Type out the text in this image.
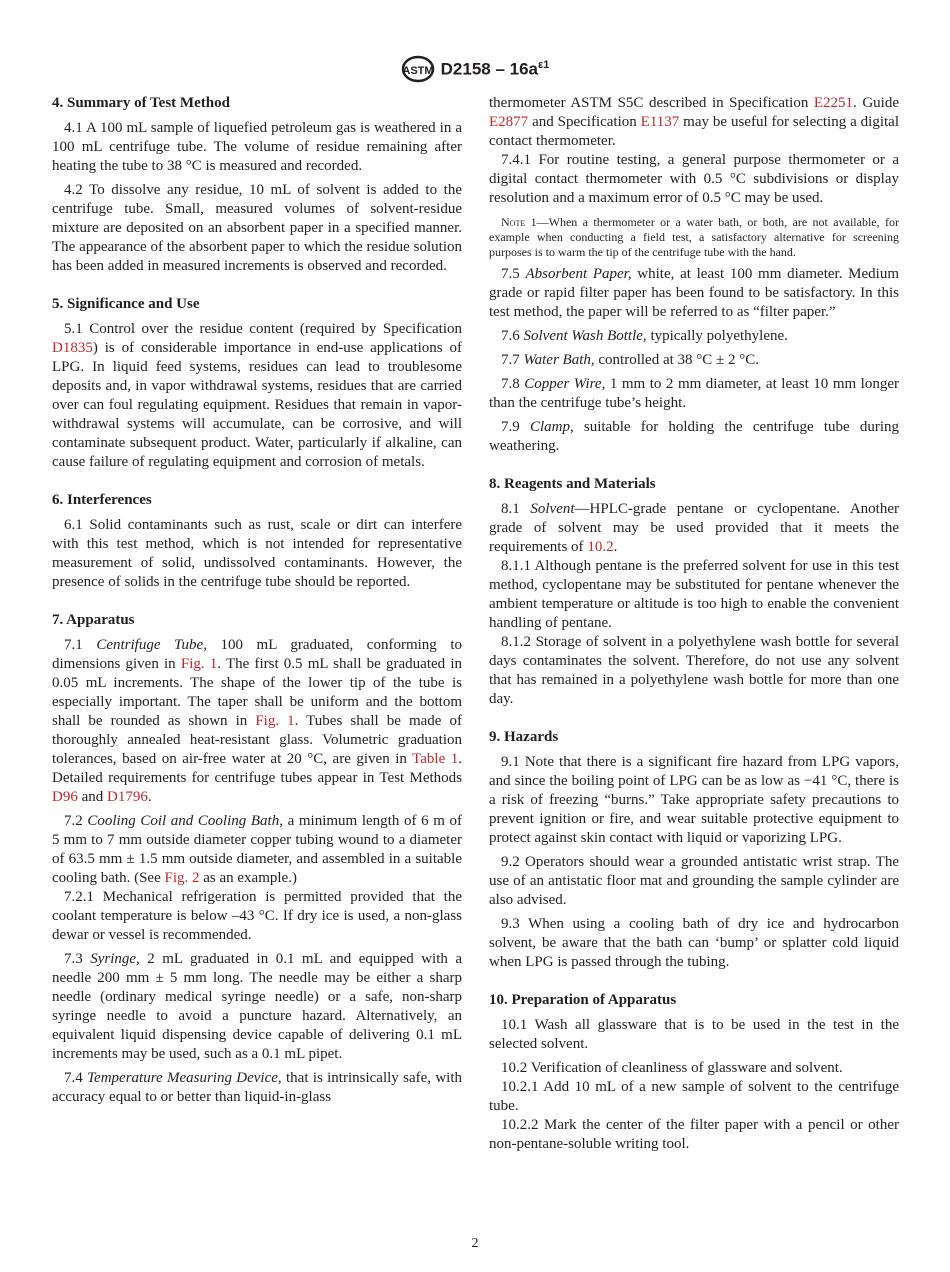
ASTM $D2158 - 16a^{\varepsilon 1}$
4. Summary of Test Method

4.1 A 100 mL sample of liquefied petroleum gas is weathered in a 100 mL centrifuge tube. The volume of residue remaining after heating the tube to 38 °C is measured and recorded.

4.2 To dissolve any residue, 10 mL of solvent is added to the centrifuge tube. Small, measured volumes of solvent-residue mixture are deposited on an absorbent paper in a specified manner. The appearance of the absorbent paper to which the residue solution has been added in measured increments is observed and recorded.

5. Significance and Use

5.1 Control over the residue content (required by Specification D1835) is of considerable importance in end-use applications of LPG. In liquid feed systems, residues can lead to troublesome deposits and, in vapor withdrawal systems, residues that are carried over can foul regulating equipment. Residues that remain in vapor-withdrawal systems will accumulate, can be corrosive, and will contaminate subsequent product. Water, particularly if alkaline, can cause failure of regulating equipment and corrosion of metals.

6. Interferences

6.1 Solid contaminants such as rust, scale or dirt can interfere with this test method, which is not intended for representative measurement of solid, undissolved contaminants. However, the presence of solids in the centrifuge tube should be reported.

7. Apparatus

7.1 Centrifuge Tube, 100 mL graduated, conforming to dimensions given in Fig. 1. The first 0.5 mL shall be graduated in 0.05 mL increments. The shape of the lower tip of the tube is especially important. The taper shall be uniform and the bottom shall be rounded as shown in Fig. 1. Tubes shall be made of thoroughly annealed heat-resistant glass. Volumetric graduation tolerances, based on air-free water at 20 °C, are given in Table 1. Detailed requirements for centrifuge tubes appear in Test Methods D96 and D1796.

7.2 Cooling Coil and Cooling Bath, a minimum length of 6 m of 5 mm to 7 mm outside diameter copper tubing wound to a diameter of 63.5 mm ± 1.5 mm outside diameter, and assembled in a suitable cooling bath. (See Fig. 2 as an example.)

7.2.1 Mechanical refrigeration is permitted provided that the coolant temperature is below –43 °C. If dry ice is used, a non-glass dewar or vessel is recommended.

7.3 Syringe, 2 mL graduated in 0.1 mL and equipped with a needle 200 mm ± 5 mm long. The needle may be either a sharp needle (ordinary medical syringe needle) or a safe, non-sharp syringe needle to avoid a puncture hazard. Alternatively, an equivalent liquid dispensing device capable of delivering 0.1 mL increments may be used, such as a 0.1 mL pipet.

7.4 Temperature Measuring Device, that is intrinsically safe, with accuracy equal to or better than liquid-in-glass

thermometer ASTM S5C described in Specification E2251. Guide E2877 and Specification E1137 may be useful for selecting a digital contact thermometer.

7.4.1 For routine testing, a general purpose thermometer or a digital contact thermometer with 0.5 °C subdivisions or display resolution and a maximum error of 0.5 °C may be used.

Note 1—When a thermometer or a water bath, or both, are not available, for example when conducting a field test, a satisfactory alternative for screening purposes is to warm the tip of the centrifuge tube with the hand.

7.5 Absorbent Paper, white, at least 100 mm diameter. Medium grade or rapid filter paper has been found to be satisfactory. In this test method, the paper will be referred to as “filter paper.”

7.6 Solvent Wash Bottle, typically polyethylene.

7.7 Water Bath, controlled at 38 °C ± 2 °C.

7.8 Copper Wire, 1 mm to 2 mm diameter, at least 10 mm longer than the centrifuge tube’s height.

7.9 Clamp, suitable for holding the centrifuge tube during weathering.

8. Reagents and Materials

8.1 Solvent—HPLC-grade pentane or cyclopentane. Another grade of solvent may be used provided that it meets the requirements of 10.2.

8.1.1 Although pentane is the preferred solvent for use in this test method, cyclopentane may be substituted for pentane whenever the ambient temperature or altitude is too high to enable the convenient handling of pentane.

8.1.2 Storage of solvent in a polyethylene wash bottle for several days contaminates the solvent. Therefore, do not use any solvent that has remained in a polyethylene wash bottle for more than one day.

9. Hazards

9.1 Note that there is a significant fire hazard from LPG vapors, and since the boiling point of LPG can be as low as −41 °C, there is a risk of freezing “burns.” Take appropriate safety precautions to prevent ignition or fire, and wear suitable protective equipment to protect against skin contact with liquid or vaporizing LPG.

9.2 Operators should wear a grounded antistatic wrist strap. The use of an antistatic floor mat and grounding the sample cylinder are also advised.

9.3 When using a cooling bath of dry ice and hydrocarbon solvent, be aware that the bath can ‘bump’ or splatter cold liquid when LPG is passed through the tubing.

10. Preparation of Apparatus

10.1 Wash all glassware that is to be used in the test in the selected solvent.

10.2 Verification of cleanliness of glassware and solvent.

10.2.1 Add 10 mL of a new sample of solvent to the centrifuge tube.

10.2.2 Mark the center of the filter paper with a pencil or other non-pentane-soluble writing tool.

2
